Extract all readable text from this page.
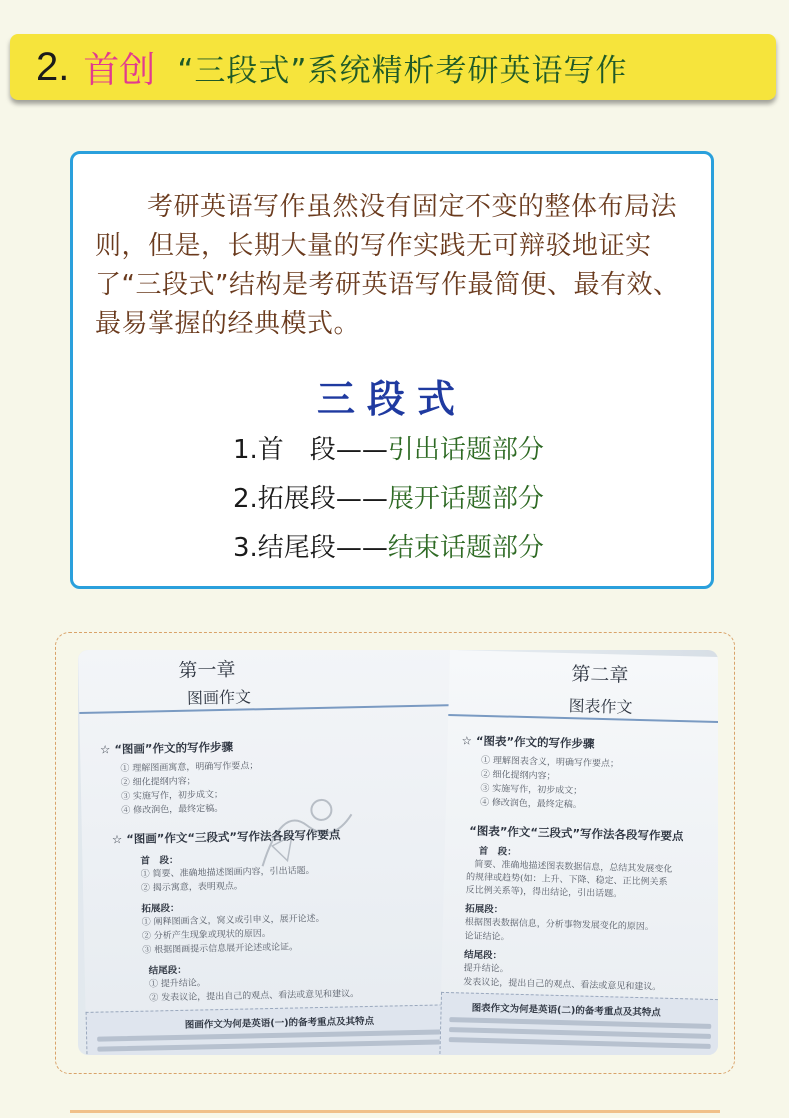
2. 首创 “三段式”系统精析考研英语写作
考研英语写作虽然没有固定不变的整体布局法则，但是，长期大量的写作实践无可辩驳地证实了“三段式”结构是考研英语写作最简便、最有效、最易掌握的经典模式。
三段式
1.首　段——引出话题部分
2.拓展段——展开话题部分
3.结尾段——结束话题部分
第一章
图画作文
☆ “图画”作文的写作步骤
① 理解图画寓意，明确写作要点；
② 细化提纲内容；
③ 实施写作，初步成文；
④ 修改润色，最终定稿。
☆ “图画”作文“三段式”写作法各段写作要点
首　段：
① 简要、准确地描述图画内容，引出话题。
② 揭示寓意，表明观点。
拓展段：
① 阐释图画含义，窝义或引申义，展开论述。
② 分析产生现象或现状的原因。
③ 根据图画提示信息展开论述或论证。
结尾段：
① 提升结论。
② 发表议论，提出自己的观点、看法或意见和建议。
图画作文为何是英语(一)的备考重点及其特点
第二章
图表作文
☆ “图表”作文的写作步骤
① 理解图表含义，明确写作要点；
② 细化提纲内容；
③ 实施写作，初步成文；
④ 修改润色，最终定稿。
“图表”作文“三段式”写作法各段写作要点
首　段：
简要、准确地描述图表数据信息，总结其发展变化
的规律或趋势(如：上升、下降、稳定、正比例关系
反比例关系等)，得出结论，引出话题。
拓展段：
根据图表数据信息，分析事物发展变化的原因。
论证结论。
结尾段：
提升结论。
发表议论，提出自己的观点、看法或意见和建议。
图表作文为何是英语(二)的备考重点及其特点
